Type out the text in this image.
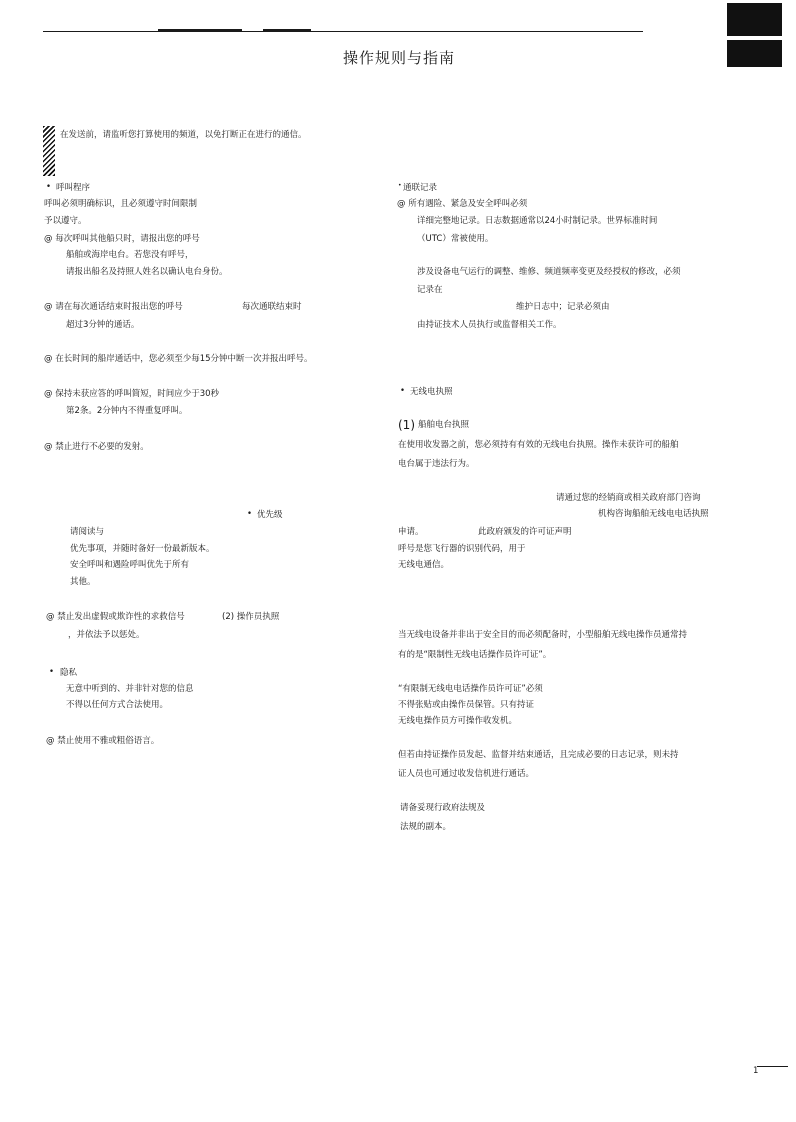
操作规则与指南
在发送前，请监听您打算使用的频道，以免打断正在进行的通信。
• 呼叫程序
呼叫必须明确标识，且必须遵守时间限制
予以遵守。
@ 每次呼叫其他船只时，请报出您的呼号
船舶或海岸电台。若您没有呼号，
请报出船名及持照人姓名以确认电台身份。
@ 请在每次通话结束时报出您的呼号	每次通联结束时
超过3分钟的通话。
@ 在长时间的船岸通话中，您必须至少每15分钟中断一次并报出呼号。
@ 保持未获应答的呼叫简短，时间应少于30秒
第2条。2分钟内不得重复呼叫。
@ 禁止进行不必要的发射。
• 优先级
请阅读与
优先事项，并随时备好一份最新版本。
安全呼叫和遇险呼叫优先于所有
其他。
@ 禁止发出虚假或欺诈性的求救信号	(2) 操作员执照
，并依法予以惩处。
• 隐私
无意中听到的、并非针对您的信息
不得以任何方式合法使用。
@ 禁止使用不雅或粗俗语言。
• 通联记录
@ 所有遇险、紧急及安全呼叫必须
详细完整地记录。日志数据通常以24小时制记录。世界标准时间
（UTC）常被使用。
涉及设备电气运行的调整、维修、频道频率变更及经授权的修改，必须
记录在
维护日志中；记录必须由
由持证技术人员执行或监督相关工作。
• 无线电执照
(1) 船舶电台执照
在使用收发器之前，您必须持有有效的无线电台执照。操作未获许可的船舶
电台属于违法行为。
请通过您的经销商或相关政府部门咨询
机构咨询船舶无线电电话执照
申请。	此政府颁发的许可证声明
呼号是您飞行器的识别代码，用于
无线电通信。
当无线电设备并非出于安全目的而必须配备时，小型船舶无线电操作员通常持
有的是“限制性无线电话操作员许可证”。
“有限制无线电电话操作员许可证”必须
不得张贴或由操作员保管。只有持证
无线电操作员方可操作收发机。
但若由持证操作员发起、监督并结束通话，且完成必要的日志记录，则未持
证人员也可通过收发信机进行通话。
请备妥现行政府法规及
法规的副本。
1
